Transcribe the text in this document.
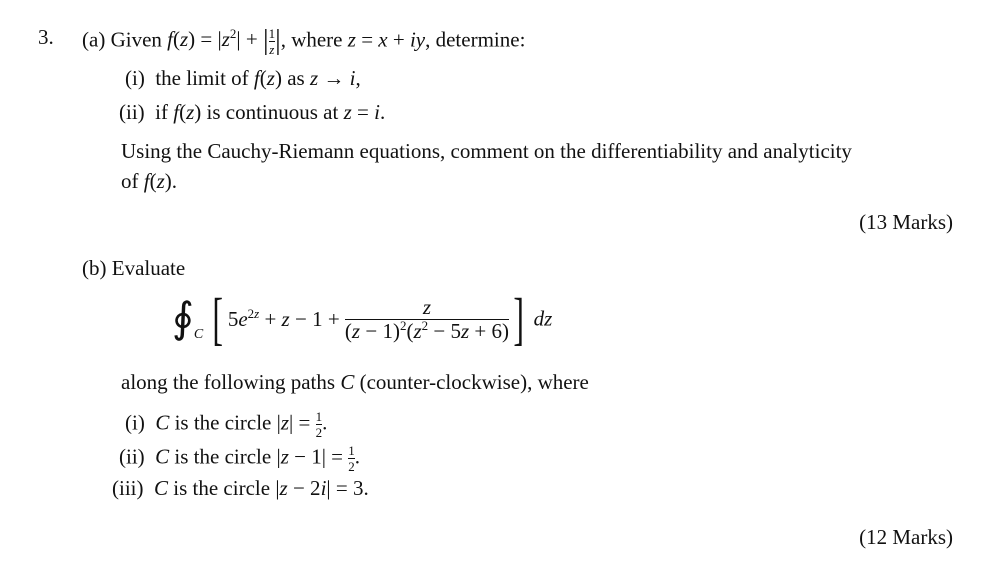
3. (a) Given $f(z) = |z^2|$ + | $\frac{1}{z}$ |, where z = x + iy, determine:
(i) the limit of f(z) as z → i,
(ii) if f(z) is continuous at z = i.
Using the Cauchy-Riemann equations, comment on the differentiability and analyticity
of f(z).
(13 Marks)
(b) Evaluate
$∮_C$ [ $5e^{2z} + z - 1 + \frac{z}{(z - 1)^2(z^2 - 5z + 6)}$ ] dz
along the following paths C (counter-clockwise), where
(i) C is the circle $|z| = \frac{1}{2}$ .
(ii) C is the circle $|z - 1| = \frac{1}{2}$ .
(iii) C is the circle |z − 2i| = 3.
(12 Marks)
